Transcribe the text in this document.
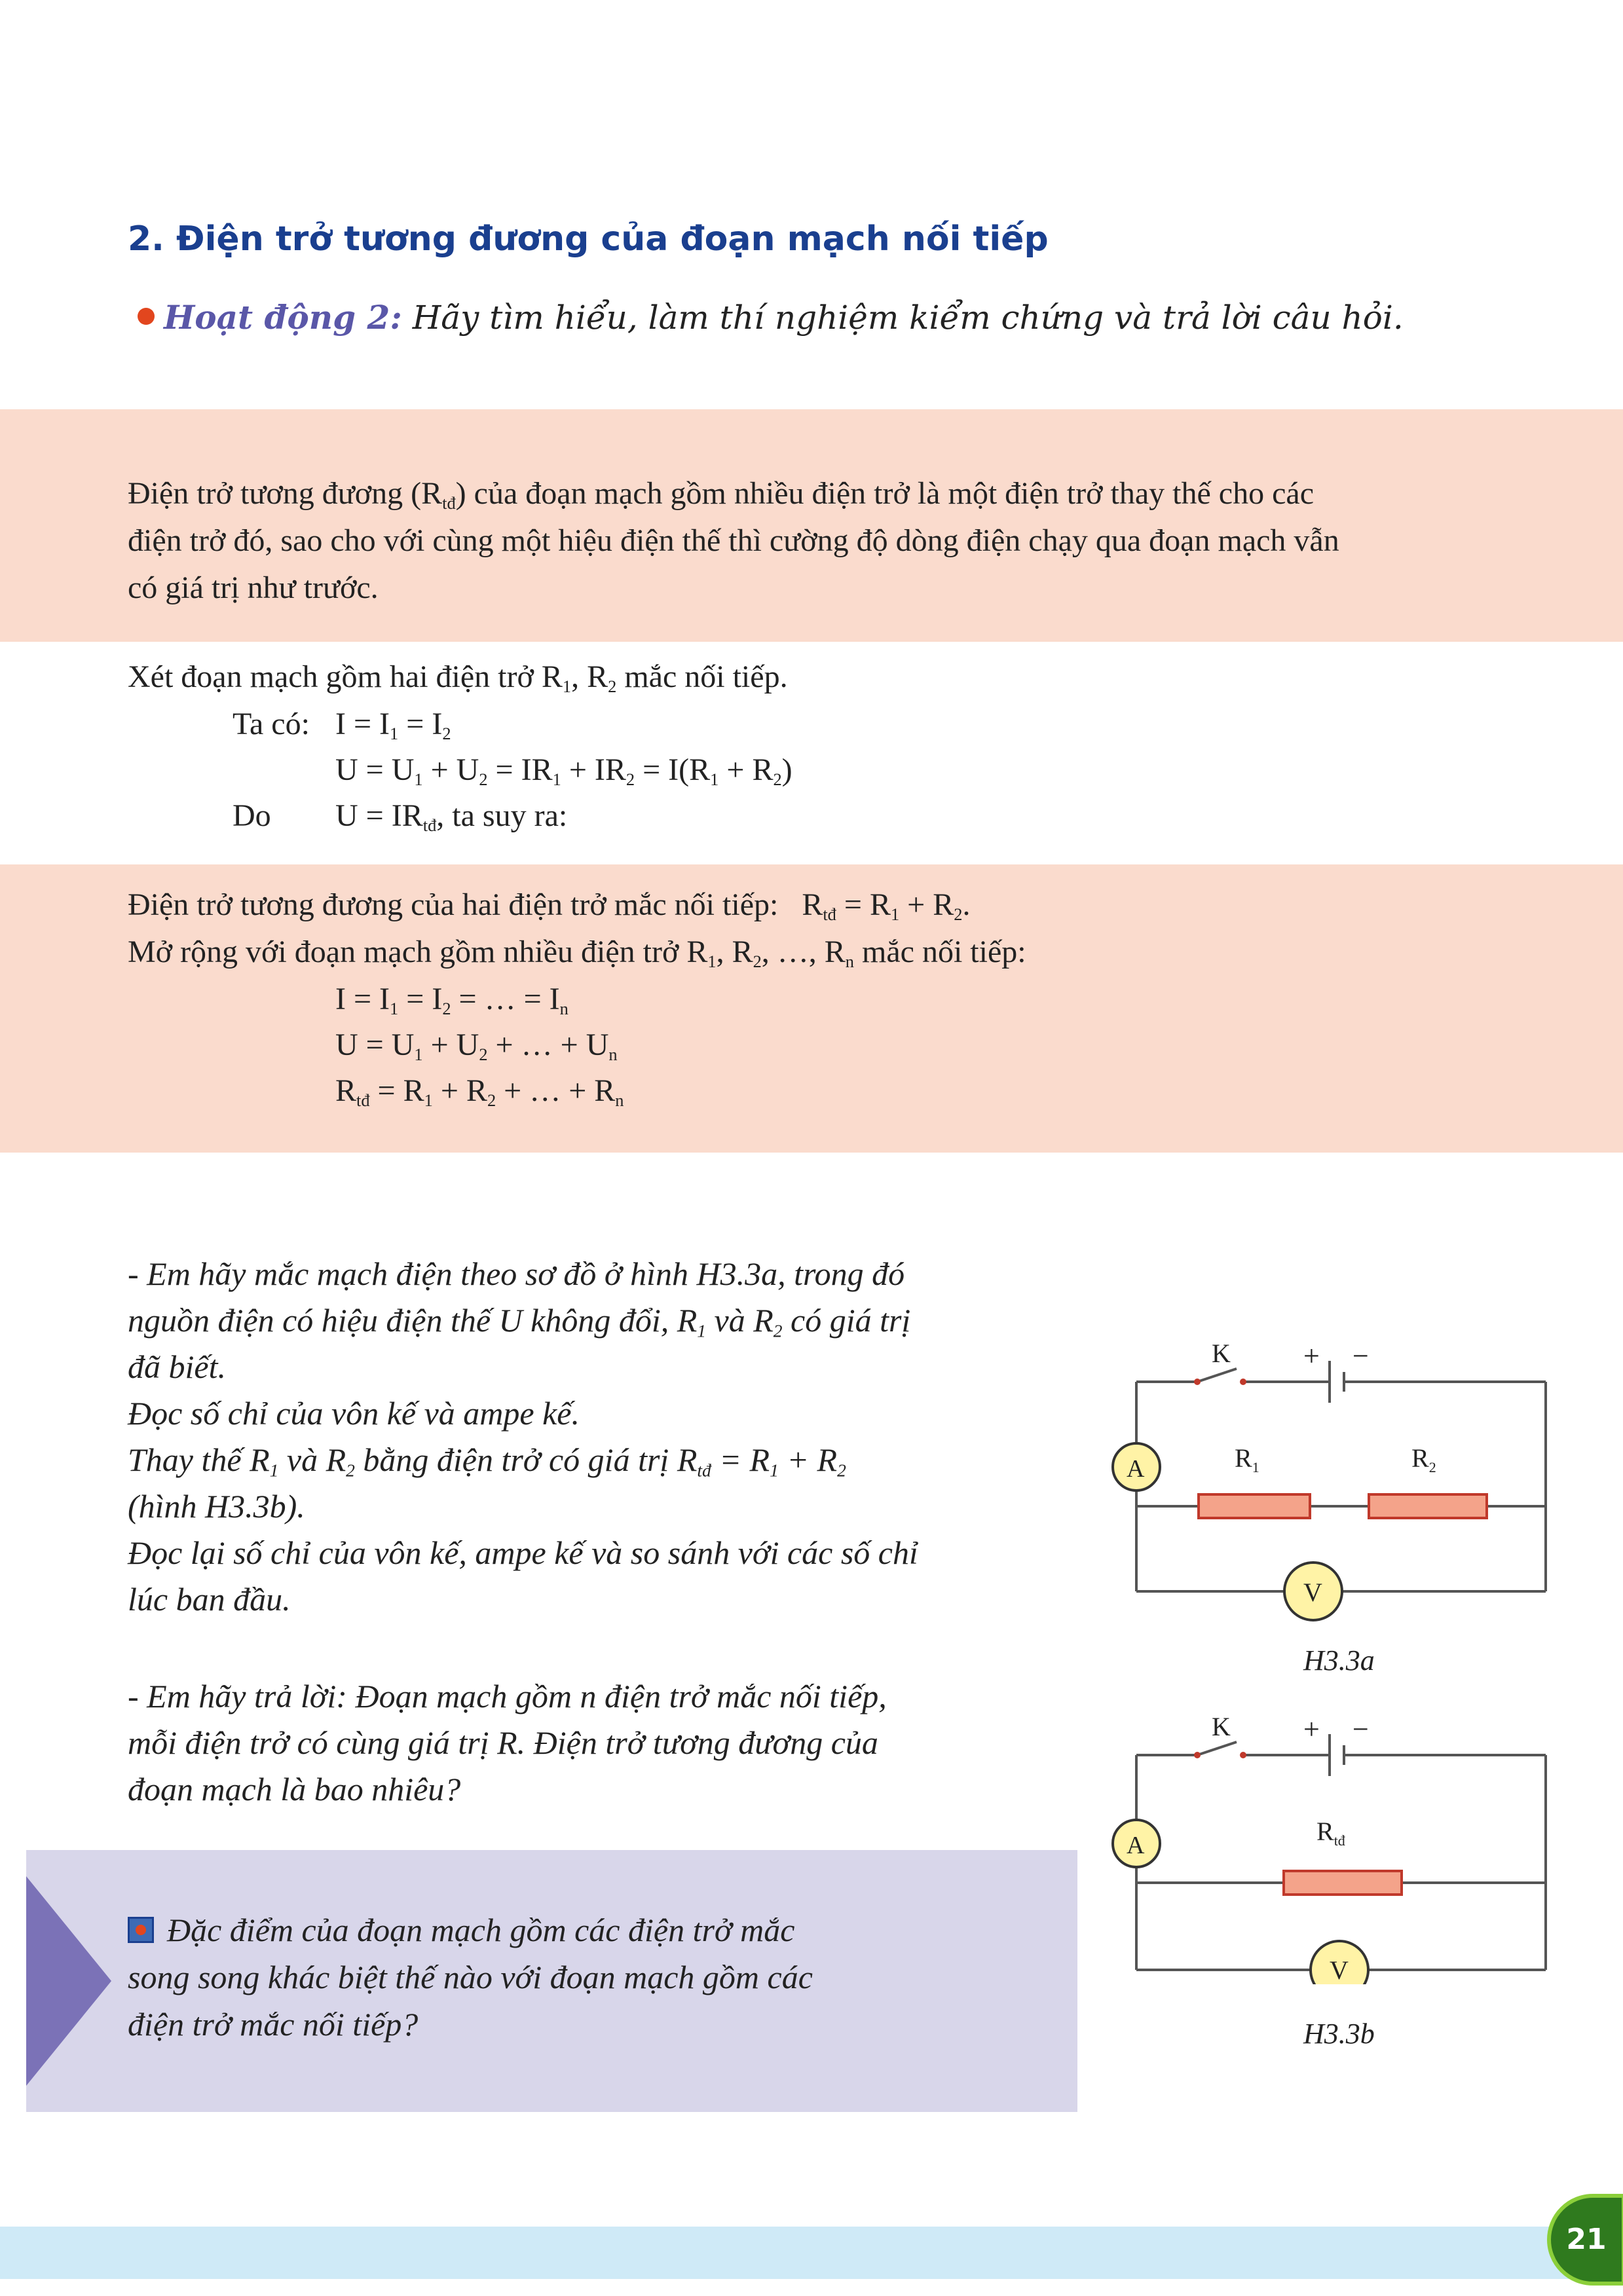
2. Điện trở tương đương của đoạn mạch nối tiếp
Hoạt động 2: Hãy tìm hiểu, làm thí nghiệm kiểm chứng và trả lời câu hỏi.
Điện trở tương đương $(R_{tđ})$ của đoạn mạch gồm nhiều điện trở là một điện trở thay thế cho các
điện trở đó, sao cho với cùng một hiệu điện thế thì cường độ dòng điện chạy qua đoạn mạch vẫn
có giá trị như trước.
Xét đoạn mạch gồm hai điện trở $R_1$, $R_2$ mắc nối tiếp.
Ta có: $I = I_1 = I_2$
$U = U_1 + U_2 = IR_1 + IR_2 = I(R_1 + R_2)$
Do $U = IR_{tđ}$, ta suy ra:
Điện trở tương đương của hai điện trở mắc nối tiếp:   $R_{tđ} = R_1 + R_2$.
Mở rộng với đoạn mạch gồm nhiều điện trở $R_1$, $R_2$, …, $R_n$ mắc nối tiếp:
$I = I_1 = I_2$ = … = $I_n$
$U = U_1 + U_2$ + … + $U_n$
$R_{tđ} = R_1 + R_2$ + … + $R_n$
- Em hãy mắc mạch điện theo sơ đồ ở hình H3.3a, trong đó
nguồn điện có hiệu điện thế U không đổi, $R_1$ và $R_2$ có giá trị
đã biết.
Đọc số chỉ của vôn kế và ampe kế.
Thay thế $R_1$ và $R_2$ bằng điện trở có giá trị $R_{tđ} = R_1 + R_2$
(hình H3.3b).
Đọc lại số chỉ của vôn kế, ampe kế và so sánh với các số chỉ
lúc ban đầu.
- Em hãy trả lời: Đoạn mạch gồm n điện trở mắc nối tiếp,
mỗi điện trở có cùng giá trị R. Điện trở tương đương của
đoạn mạch là bao nhiêu?
Đặc điểm của đoạn mạch gồm các điện trở mắc
song song khác biệt thế nào với đoạn mạch gồm các
điện trở mắc nối tiếp?
K	+ −
A
V
$R_1$	$R_2$
H3.3a
K	+ −
A
V
$R_{tđ}$
H3.3b
21
